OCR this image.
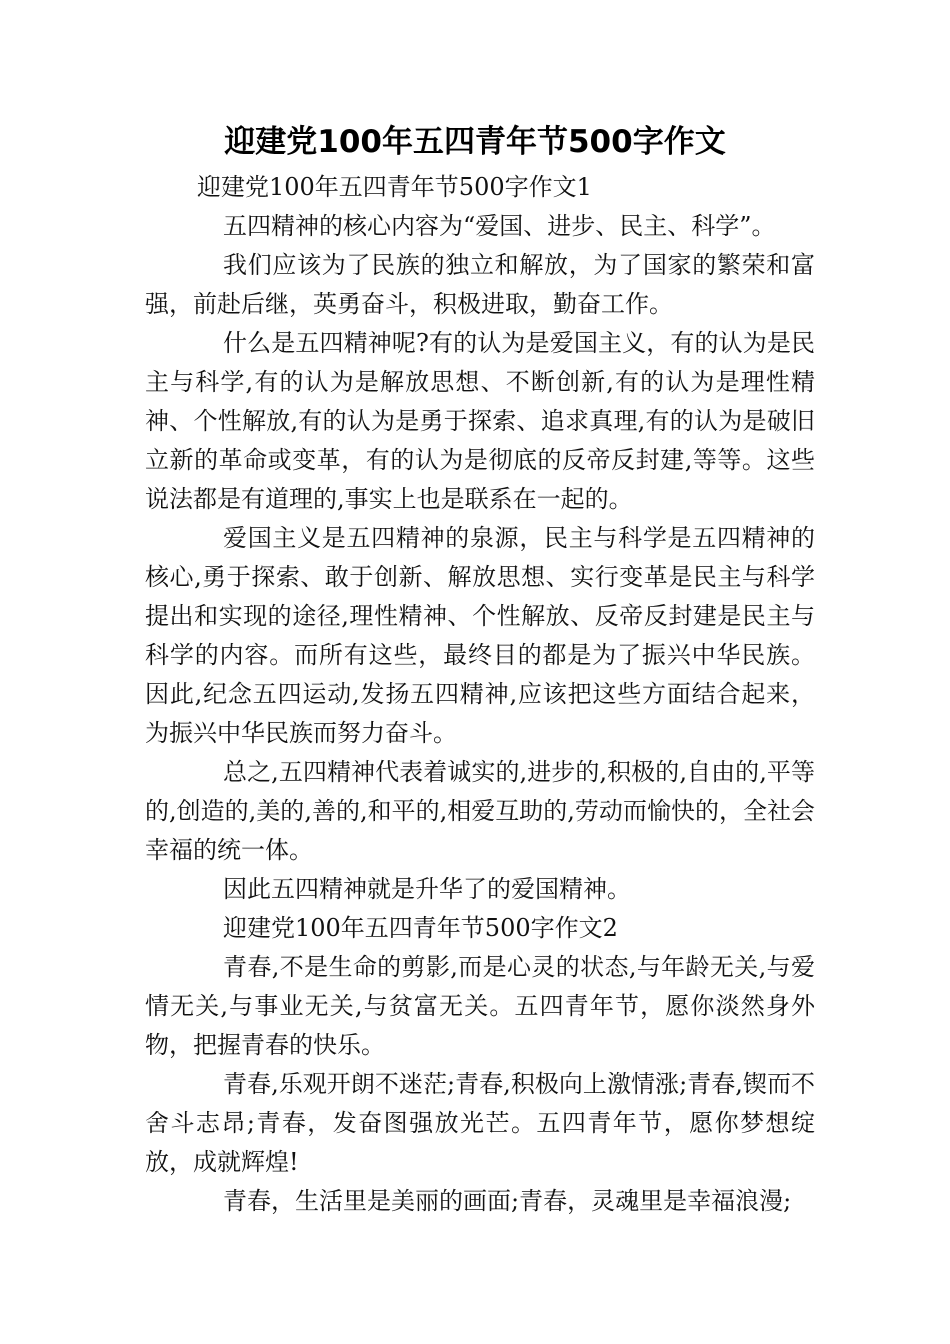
迎建党100年五四青年节500字作文

迎建党100年五四青年节500字作文1

五四精神的核心内容为“爱国、进步、民主、科学”。

我们应该为了民族的独立和解放，为了国家的繁荣和富强，前赴后继，英勇奋斗，积极进取，勤奋工作。

什么是五四精神呢?有的认为是爱国主义，有的认为是民主与科学,有的认为是解放思想、不断创新,有的认为是理性精神、个性解放,有的认为是勇于探索、追求真理,有的认为是破旧立新的革命或变革，有的认为是彻底的反帝反封建,等等。这些说法都是有道理的,事实上也是联系在一起的。

爱国主义是五四精神的泉源，民主与科学是五四精神的核心,勇于探索、敢于创新、解放思想、实行变革是民主与科学提出和实现的途径,理性精神、个性解放、反帝反封建是民主与科学的内容。而所有这些，最终目的都是为了振兴中华民族。因此,纪念五四运动,发扬五四精神,应该把这些方面结合起来，为振兴中华民族而努力奋斗。

总之,五四精神代表着诚实的,进步的,积极的,自由的,平等的,创造的,美的,善的,和平的,相爱互助的,劳动而愉快的，全社会幸福的统一体。

因此五四精神就是升华了的爱国精神。

迎建党100年五四青年节500字作文2

青春,不是生命的剪影,而是心灵的状态,与年龄无关,与爱情无关,与事业无关,与贫富无关。五四青年节，愿你淡然身外物，把握青春的快乐。

青春,乐观开朗不迷茫;青春,积极向上激情涨;青春,锲而不舍斗志昂;青春，发奋图强放光芒。五四青年节，愿你梦想绽放，成就辉煌!

青春，生活里是美丽的画面;青春，灵魂里是幸福浪漫;
